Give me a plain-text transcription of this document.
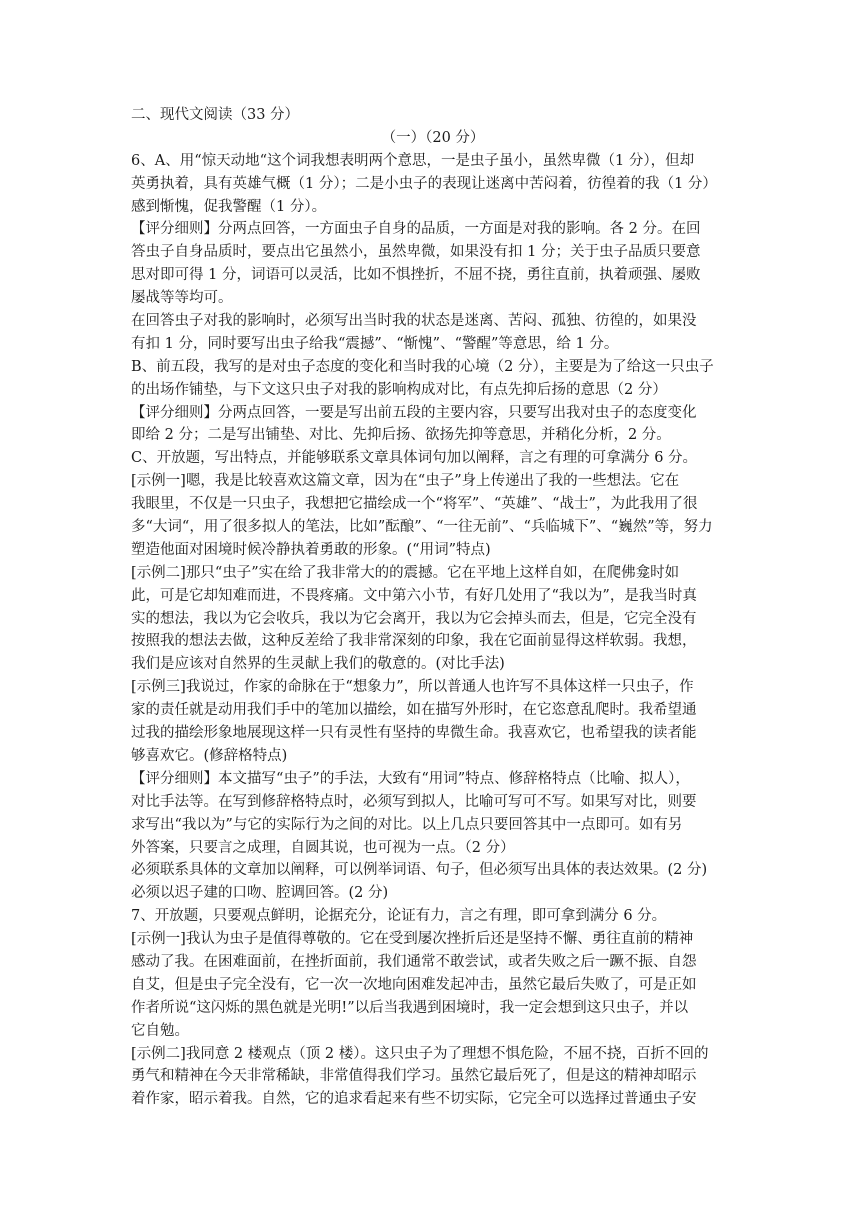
二、现代文阅读（33 分）
（一）（20 分）
6、A、用“惊天动地“这个词我想表明两个意思，一是虫子虽小，虽然卑微（1 分），但却
英勇执着，具有英雄气概（1 分）；二是小虫子的表现让迷离中苦闷着，彷徨着的我（1 分）
感到惭愧，促我警醒（1 分）。
【评分细则】分两点回答，一方面虫子自身的品质，一方面是对我的影响。各 2 分。在回
答虫子自身品质时，要点出它虽然小，虽然卑微，如果没有扣 1 分；关于虫子品质只要意
思对即可得 1 分，词语可以灵活，比如不惧挫折，不屈不挠，勇往直前，执着顽强、屡败
屡战等等均可。
在回答虫子对我的影响时，必须写出当时我的状态是迷离、苦闷、孤独、彷徨的，如果没
有扣 1 分，同时要写出虫子给我“震撼”、“惭愧”、“警醒”等意思，给 1 分。
B、前五段，我写的是对虫子态度的变化和当时我的心境（2 分），主要是为了给这一只虫子
的出场作铺垫，与下文这只虫子对我的影响构成对比，有点先抑后扬的意思（2 分）
【评分细则】分两点回答，一要是写出前五段的主要内容，只要写出我对虫子的态度变化
即给 2 分；二是写出铺垫、对比、先抑后扬、欲扬先抑等意思，并稍化分析，2 分。
C、开放题，写出特点，并能够联系文章具体词句加以阐释，言之有理的可拿满分 6 分。
[示例一]嗯，我是比较喜欢这篇文章，因为在“虫子”身上传递出了我的一些想法。它在
我眼里，不仅是一只虫子，我想把它描绘成一个“将军”、“英雄”、“战士”，为此我用了很
多“大词“，用了很多拟人的笔法，比如”酝酿”、“一往无前”、“兵临城下”、“巍然”等，努力
塑造他面对困境时候冷静执着勇敢的形象。(“用词”特点)
[示例二]那只“虫子”实在给了我非常大的的震撼。它在平地上这样自如，在爬佛龛时如
此，可是它却知难而进，不畏疼痛。文中第六小节，有好几处用了“我以为”，是我当时真
实的想法，我以为它会收兵，我以为它会离开，我以为它会掉头而去，但是，它完全没有
按照我的想法去做，这种反差给了我非常深刻的印象，我在它面前显得这样软弱。我想，
我们是应该对自然界的生灵献上我们的敬意的。(对比手法)
[示例三]我说过，作家的命脉在于“想象力”，所以普通人也许写不具体这样一只虫子，作
家的责任就是动用我们手中的笔加以描绘，如在描写外形时，在它恣意乱爬时。我希望通
过我的描绘形象地展现这样一只有灵性有坚持的卑微生命。我喜欢它，也希望我的读者能
够喜欢它。(修辞格特点)
【评分细则】本文描写“虫子”的手法，大致有“用词”特点、修辞格特点（比喻、拟人），
对比手法等。在写到修辞格特点时，必须写到拟人，比喻可写可不写。如果写对比，则要
求写出“我以为”与它的实际行为之间的对比。以上几点只要回答其中一点即可。如有另
外答案，只要言之成理，自圆其说，也可视为一点。（2 分）
必须联系具体的文章加以阐释，可以例举词语、句子，但必须写出具体的表达效果。(2 分)
必须以迟子建的口吻、腔调回答。(2 分)
7、开放题，只要观点鲜明，论据充分，论证有力，言之有理，即可拿到满分 6 分。
[示例一]我认为虫子是值得尊敬的。它在受到屡次挫折后还是坚持不懈、勇往直前的精神
感动了我。在困难面前，在挫折面前，我们通常不敢尝试，或者失败之后一蹶不振、自怨
自艾，但是虫子完全没有，它一次一次地向困难发起冲击，虽然它最后失败了，可是正如
作者所说“这闪烁的黑色就是光明!”以后当我遇到困境时，我一定会想到这只虫子，并以
它自勉。
[示例二]我同意 2 楼观点（顶 2 楼）。这只虫子为了理想不惧危险，不屈不挠，百折不回的
勇气和精神在今天非常稀缺，非常值得我们学习。虽然它最后死了，但是这的精神却昭示
着作家，昭示着我。自然，它的追求看起来有些不切实际，它完全可以选择过普通虫子安
